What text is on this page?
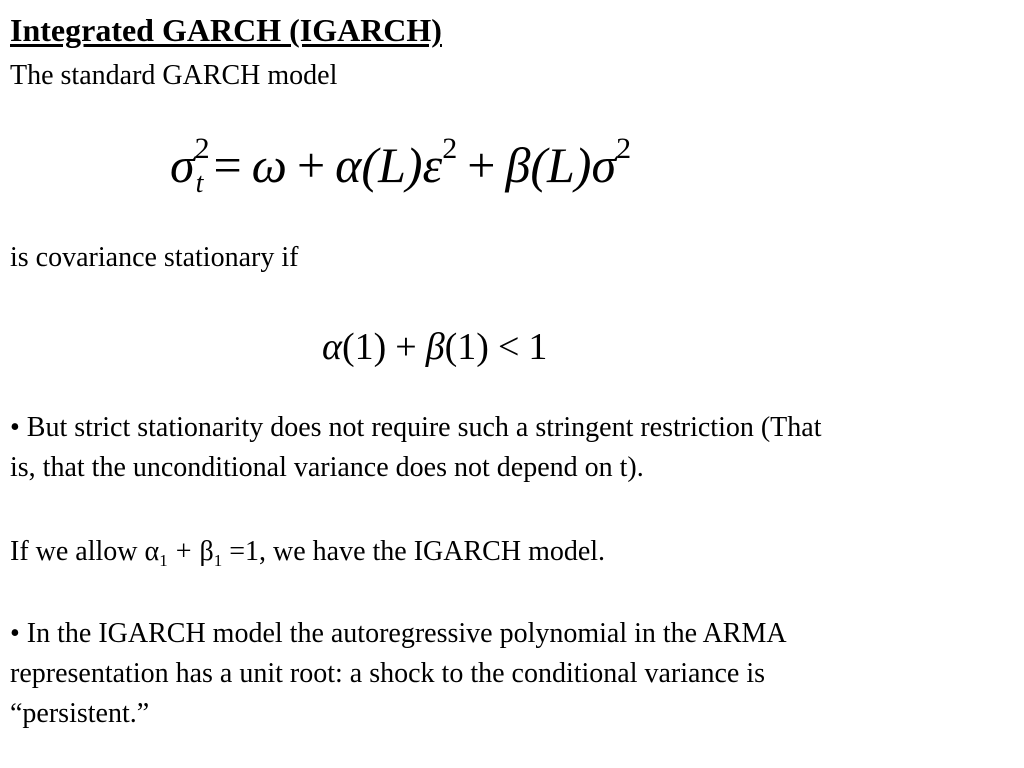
Integrated GARCH (IGARCH)
The standard GARCH model
$\sigma^2_t = \omega + \alpha(L)\varepsilon^2 + \beta(L)\sigma^2$
is covariance stationary if
α(1) + β(1) < 1
• But strict stationarity does not require such a stringent restriction (That
is, that the unconditional variance does not depend on t).
If we allow $\alpha_1 + \beta_1 =1$, we have the IGARCH model.
• In the IGARCH model the autoregressive polynomial in the ARMA
representation has a unit root: a shock to the conditional variance is
“persistent.”
